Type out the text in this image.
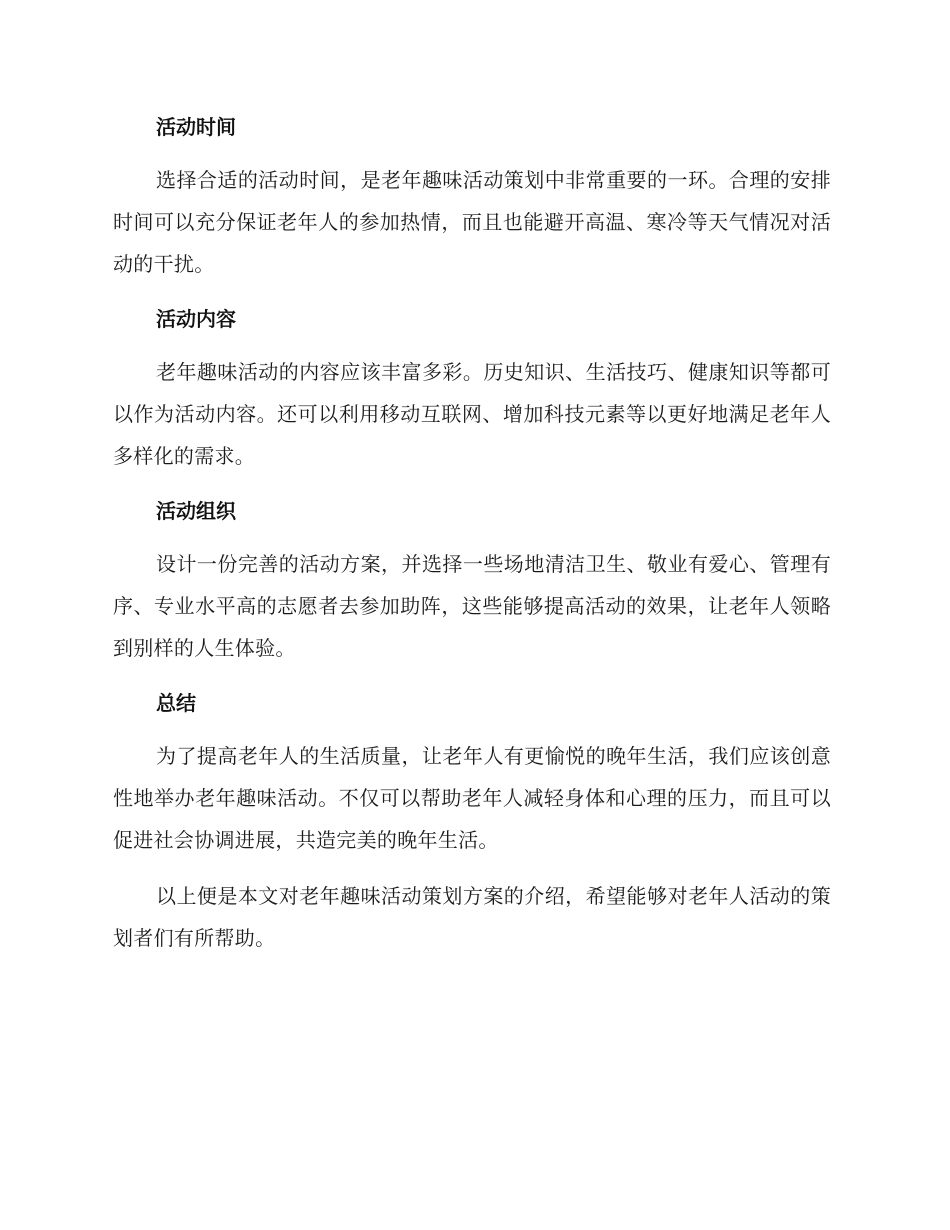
活动时间

选择合适的活动时间，是老年趣味活动策划中非常重要的一环。合理的安排时间可以充分保证老年人的参加热情，而且也能避开高温、寒冷等天气情况对活动的干扰。

活动内容

老年趣味活动的内容应该丰富多彩。历史知识、生活技巧、健康知识等都可以作为活动内容。还可以利用移动互联网、增加科技元素等以更好地满足老年人多样化的需求。

活动组织

设计一份完善的活动方案，并选择一些场地清洁卫生、敬业有爱心、管理有序、专业水平高的志愿者去参加助阵，这些能够提高活动的效果，让老年人领略到别样的人生体验。

总结

为了提高老年人的生活质量，让老年人有更愉悦的晚年生活，我们应该创意性地举办老年趣味活动。不仅可以帮助老年人减轻身体和心理的压力，而且可以促进社会协调进展，共造完美的晚年生活。

以上便是本文对老年趣味活动策划方案的介绍，希望能够对老年人活动的策划者们有所帮助。
